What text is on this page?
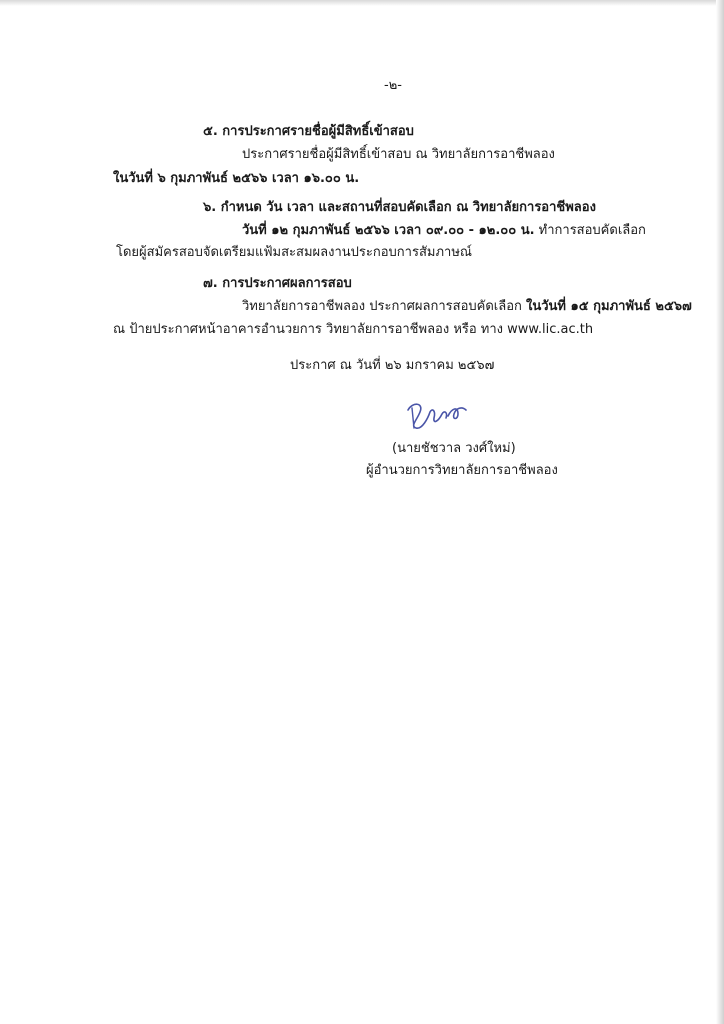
-๒-
๕. การประกาศรายชื่อผู้มีสิทธิ์เข้าสอบ
ประกาศรายชื่อผู้มีสิทธิ์เข้าสอบ ณ วิทยาลัยการอาชีพลอง
ในวันที่ ๖ กุมภาพันธ์ ๒๕๖๖ เวลา ๑๖.๐๐ น.
๖. กำหนด วัน เวลา และสถานที่สอบคัดเลือก ณ วิทยาลัยการอาชีพลอง
วันที่ ๑๒ กุมภาพันธ์ ๒๕๖๖ เวลา ๐๙.๐๐ - ๑๒.๐๐ น. ทำการสอบคัดเลือก
โดยผู้สมัครสอบจัดเตรียมแฟ้มสะสมผลงานประกอบการสัมภาษณ์
๗. การประกาศผลการสอบ
วิทยาลัยการอาชีพลอง ประกาศผลการสอบคัดเลือก ในวันที่ ๑๕ กุมภาพันธ์ ๒๕๖๗
ณ ป้ายประกาศหน้าอาคารอำนวยการ วิทยาลัยการอาชีพลอง หรือ ทาง www.lic.ac.th
ประกาศ ณ วันที่ ๒๖ มกราคม ๒๕๖๗
(นายชัชวาล วงศ์ใหม่)
ผู้อำนวยการวิทยาลัยการอาชีพลอง
